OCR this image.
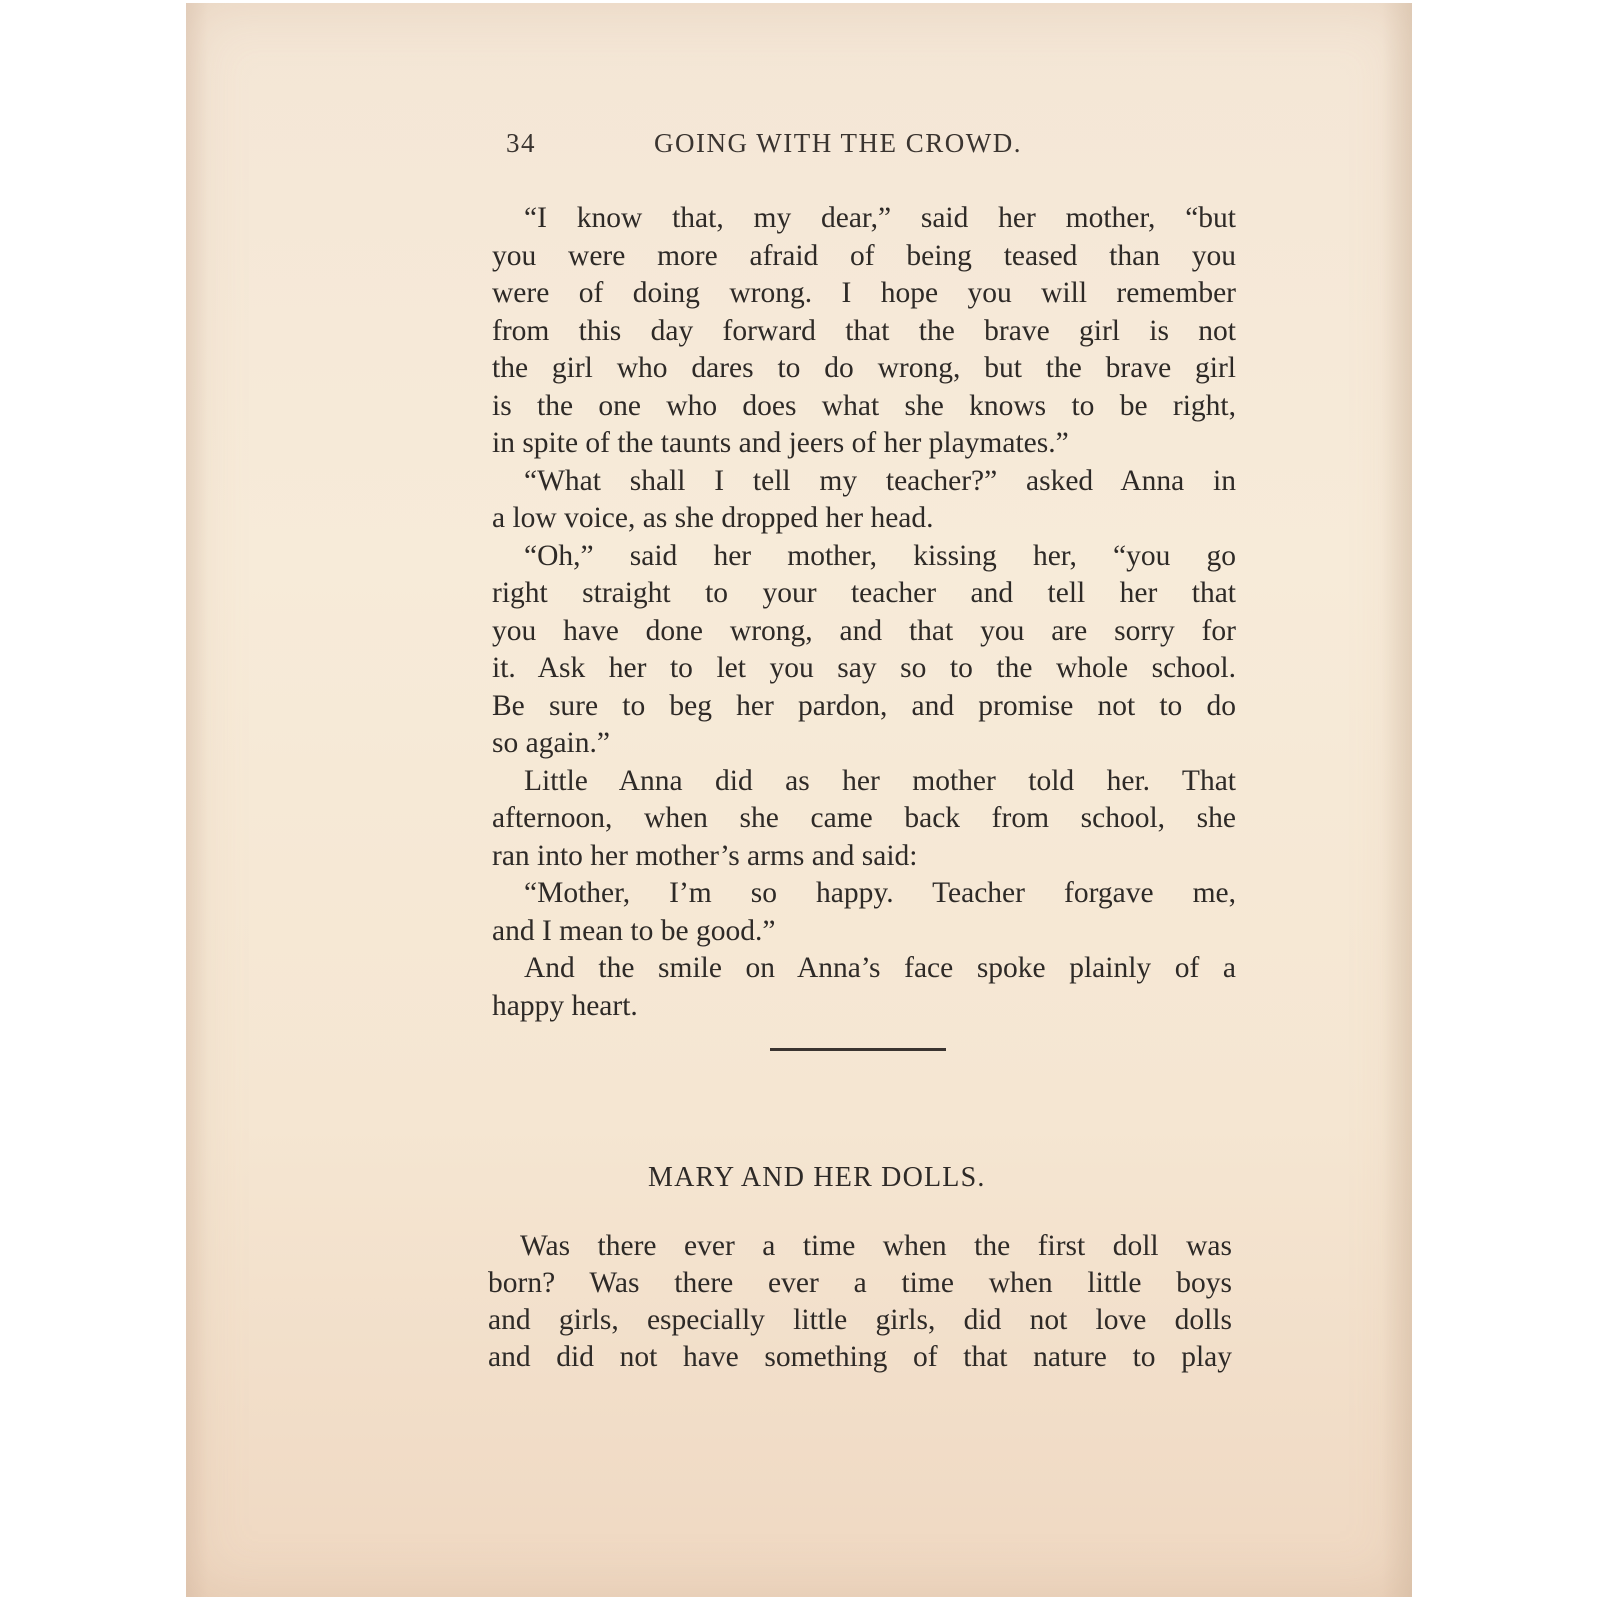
34	GOING WITH THE CROWD.
“I know that, my dear,” said her mother, “but
you were more afraid of being teased than you
were of doing wrong. I hope you will remember
from this day forward that the brave girl is not
the girl who dares to do wrong, but the brave girl
is the one who does what she knows to be right,
in spite of the taunts and jeers of her playmates.”
“What shall I tell my teacher?” asked Anna in
a low voice, as she dropped her head.
“Oh,” said her mother, kissing her, “you go
right straight to your teacher and tell her that
you have done wrong, and that you are sorry for
it. Ask her to let you say so to the whole school.
Be sure to beg her pardon, and promise not to do
so again.”
Little Anna did as her mother told her. That
afternoon, when she came back from school, she
ran into her mother’s arms and said:
“Mother, I’m so happy. Teacher forgave me,
and I mean to be good.”
And the smile on Anna’s face spoke plainly of a
happy heart.
MARY AND HER DOLLS.
Was there ever a time when the first doll was
born? Was there ever a time when little boys
and girls, especially little girls, did not love dolls
and did not have something of that nature to play
